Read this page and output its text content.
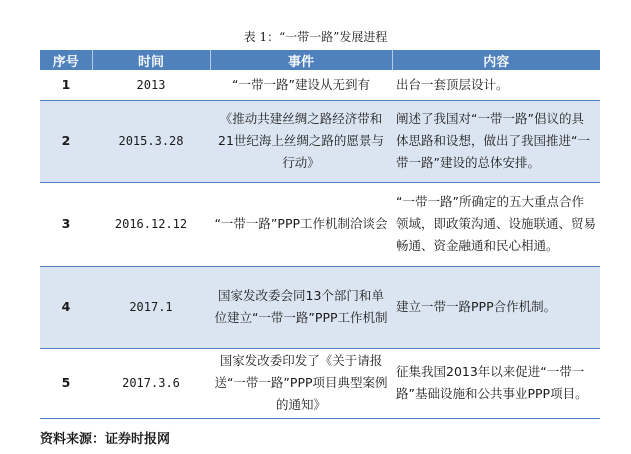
表 1：“一带一路”发展进程
序号	时间	事件	内容
1	2013	“一带一路”建设从无到有	出台一套顶层设计。
2	2015.3.28	《推动共建丝绸之路经济带和21世纪海上丝绸之路的愿景与行动》	阐述了我国对“一带一路”倡议的具体思路和设想，做出了我国推进“一带一路”建设的总体安排。
3	2016.12.12	“一带一路”PPP工作机制洽谈会	“一带一路”所确定的五大重点合作领域，即政策沟通、设施联通、贸易畅通、资金融通和民心相通。
4	2017.1	国家发改委会同13个部门和单位建立“一带一路”PPP工作机制	建立一带一路PPP合作机制。
5	2017.3.6	国家发改委印发了《关于请报送“一带一路”PPP项目典型案例的通知》	征集我国2013年以来促进“一带一路”基础设施和公共事业PPP项目。
资料来源：证券时报网
